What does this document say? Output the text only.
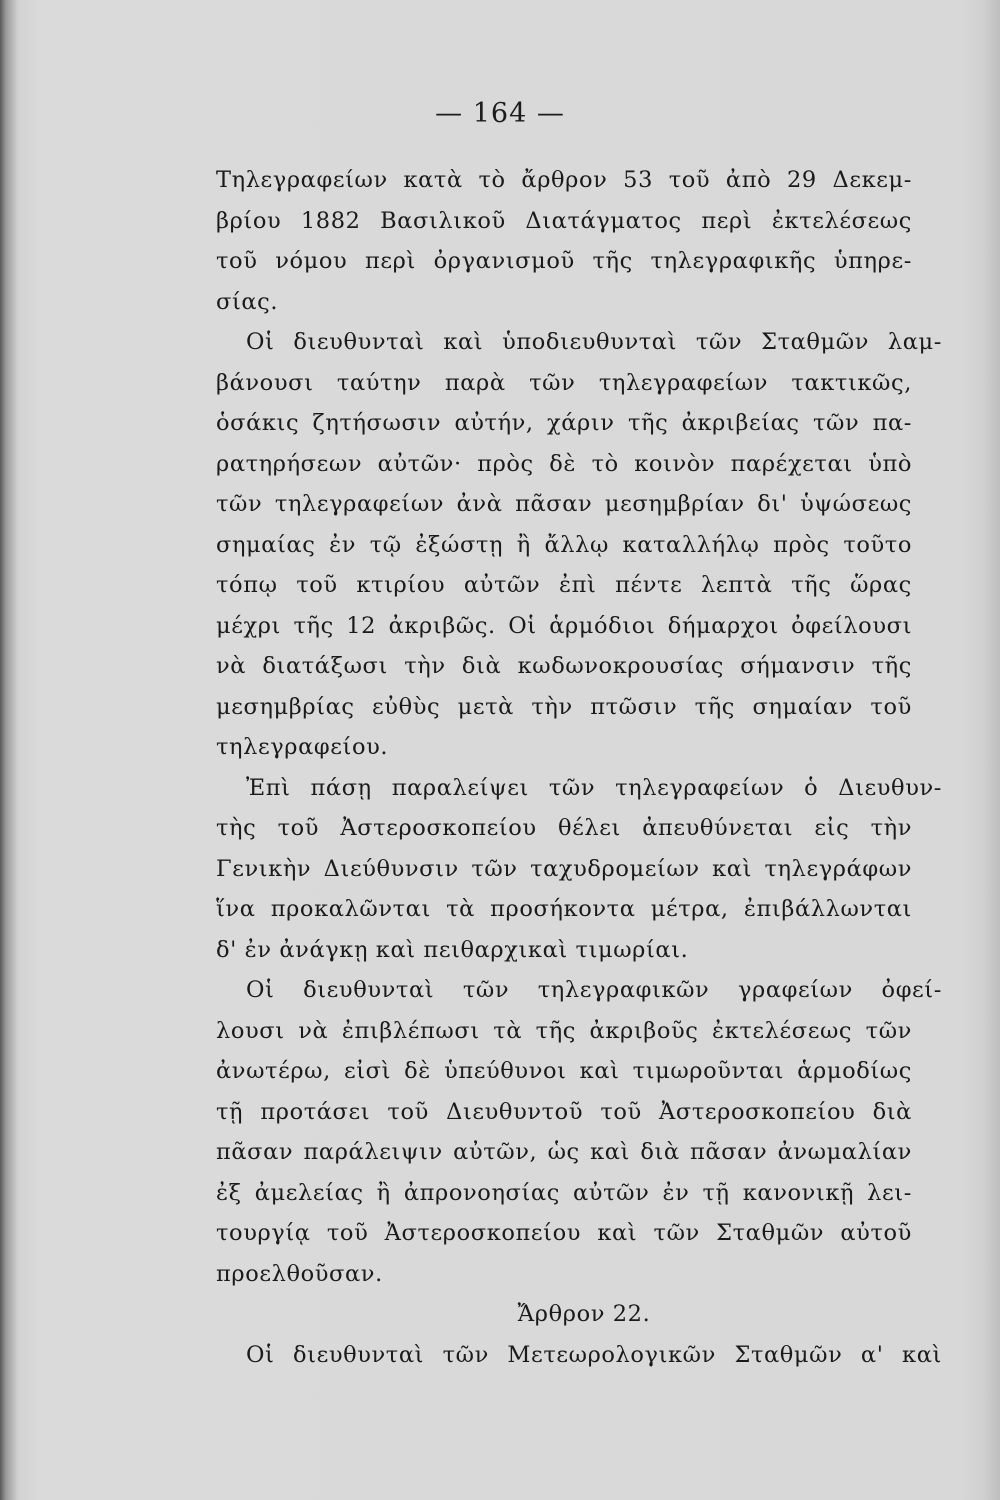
— 164 —
Τηλεγραφείων κατὰ τὸ ἄρθρον 53 τοῦ ἀπὸ 29 Δεκεμ-
βρίου 1882 Βασιλικοῦ Διατάγματος περὶ ἐκτελέσεως
τοῦ νόμου περὶ ὀργανισμοῦ τῆς τηλεγραφικῆς ὑπηρε-
σίας.
Οἱ διευθυνταὶ καὶ ὑποδιευθυνταὶ τῶν Σταθμῶν λαμ-
βάνουσι ταύτην παρὰ τῶν τηλεγραφείων τακτικῶς,
ὁσάκις ζητήσωσιν αὐτήν, χάριν τῆς ἀκριβείας τῶν πα-
ρατηρήσεων αὐτῶν· πρὸς δὲ τὸ κοινὸν παρέχεται ὑπὸ
τῶν τηλεγραφείων ἀνὰ πᾶσαν μεσημβρίαν δι' ὑψώσεως
σημαίας ἐν τῷ ἐξώστῃ ἢ ἄλλῳ καταλλήλῳ πρὸς τοῦτο
τόπῳ τοῦ κτιρίου αὐτῶν ἐπὶ πέντε λεπτὰ τῆς ὥρας
μέχρι τῆς 12 ἀκριβῶς. Οἱ ἁρμόδιοι δήμαρχοι ὀφείλουσι
νὰ διατάξωσι τὴν διὰ κωδωνοκρουσίας σήμανσιν τῆς
μεσημβρίας εὐθὺς μετὰ τὴν πτῶσιν τῆς σημαίαν τοῦ
τηλεγραφείου.
Ἐπὶ πάσῃ παραλείψει τῶν τηλεγραφείων ὁ Διευθυν-
τὴς τοῦ Ἀστεροσκοπείου θέλει ἀπευθύνεται εἰς τὴν
Γενικὴν Διεύθυνσιν τῶν ταχυδρομείων καὶ τηλεγράφων
ἵνα προκαλῶνται τὰ προσήκοντα μέτρα, ἐπιβάλλωνται
δ' ἐν ἀνάγκῃ καὶ πειθαρχικαὶ τιμωρίαι.
Οἱ διευθυνταὶ τῶν τηλεγραφικῶν γραφείων ὀφεί-
λουσι νὰ ἐπιβλέπωσι τὰ τῆς ἀκριβοῦς ἐκτελέσεως τῶν
ἀνωτέρω, εἰσὶ δὲ ὑπεύθυνοι καὶ τιμωροῦνται ἁρμοδίως
τῇ προτάσει τοῦ Διευθυντοῦ τοῦ Ἀστεροσκοπείου διὰ
πᾶσαν παράλειψιν αὐτῶν, ὡς καὶ διὰ πᾶσαν ἀνωμαλίαν
ἐξ ἀμελείας ἢ ἀπρονοησίας αὐτῶν ἐν τῇ κανονικῇ λει-
τουργίᾳ τοῦ Ἀστεροσκοπείου καὶ τῶν Σταθμῶν αὐτοῦ
προελθοῦσαν.
Ἄρθρον 22.
Οἱ διευθυνταὶ τῶν Μετεωρολογικῶν Σταθμῶν α' καὶ
